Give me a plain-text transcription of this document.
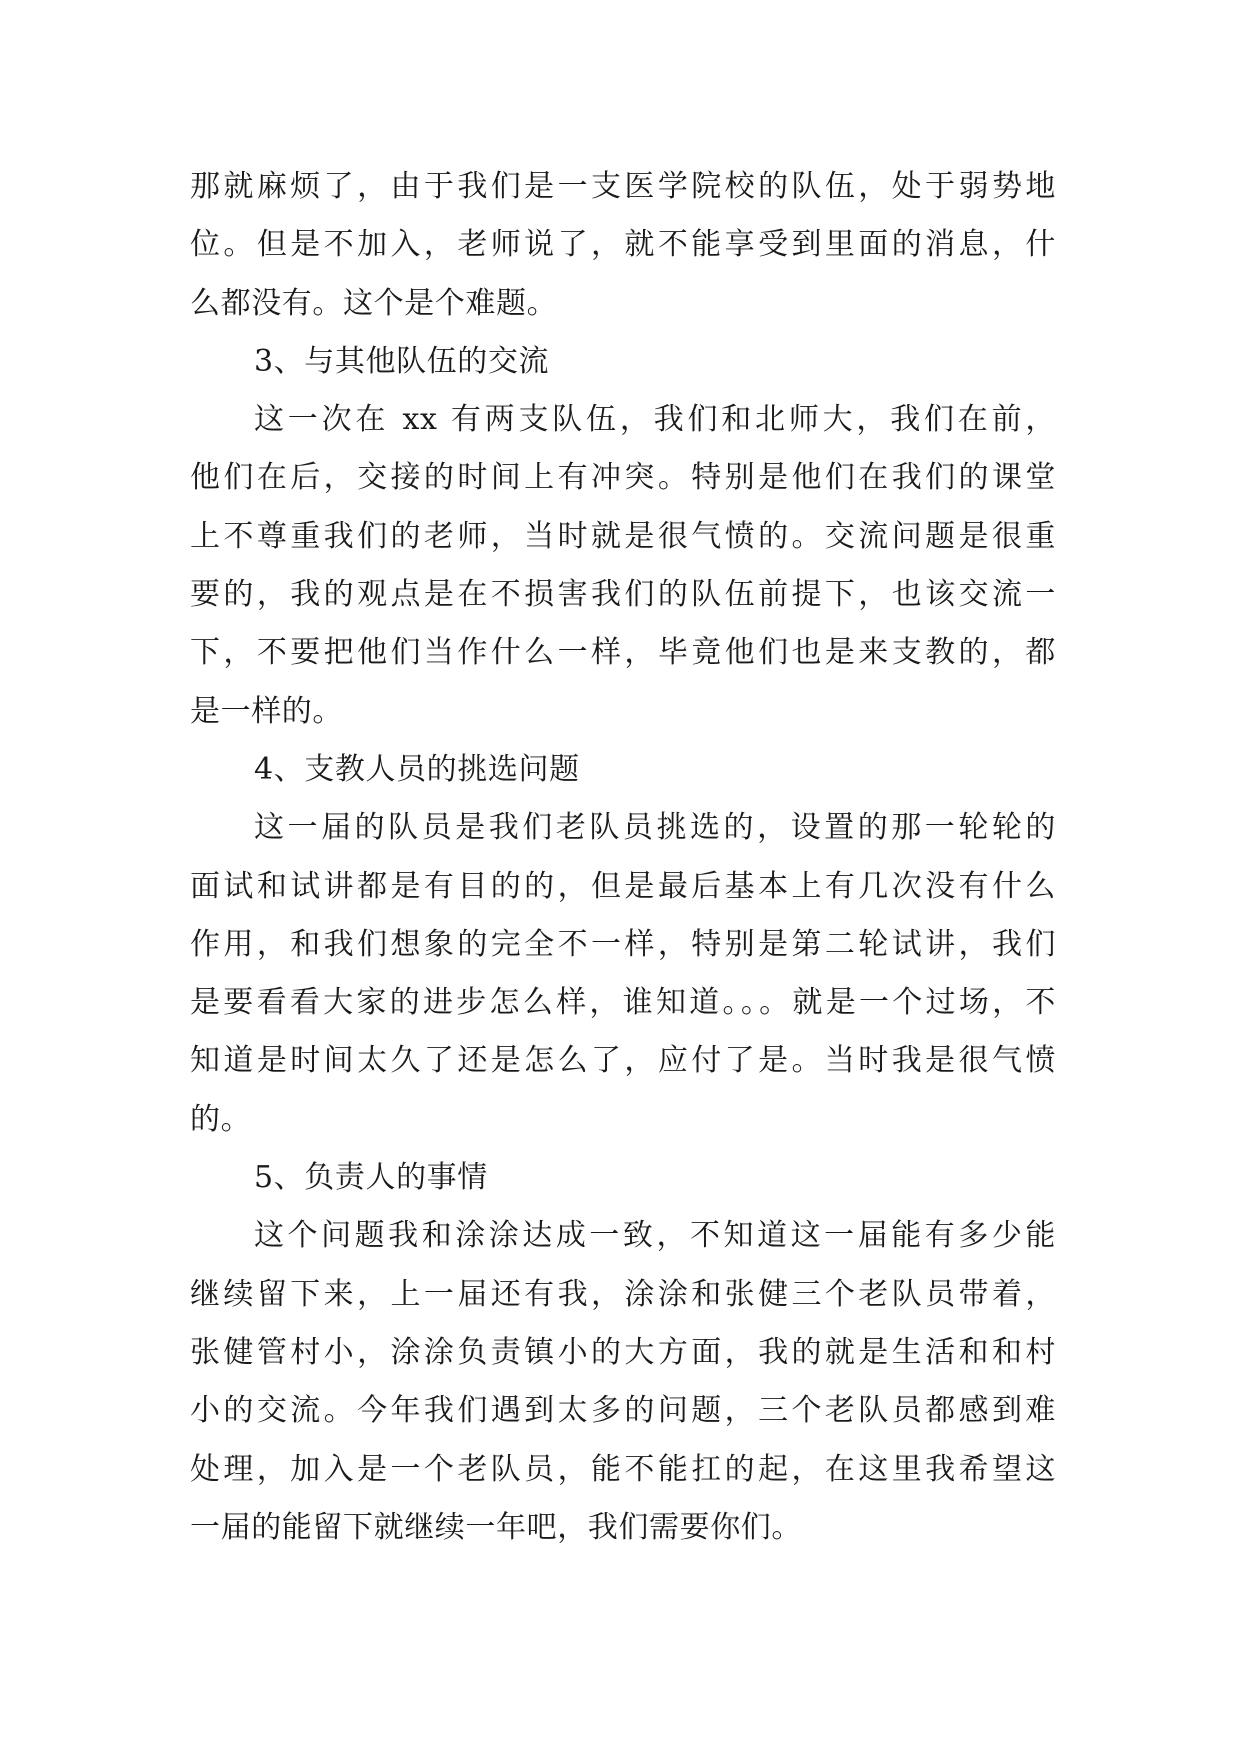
那就麻烦了，由于我们是一支医学院校的队伍，处于弱势地
位。但是不加入，老师说了，就不能享受到里面的消息，什
么都没有。这个是个难题。
3、与其他队伍的交流
这一次在 xx 有两支队伍，我们和北师大，我们在前，
他们在后，交接的时间上有冲突。特别是他们在我们的课堂
上不尊重我们的老师，当时就是很气愤的。交流问题是很重
要的，我的观点是在不损害我们的队伍前提下，也该交流一
下，不要把他们当作什么一样，毕竟他们也是来支教的，都
是一样的。
4、支教人员的挑选问题
这一届的队员是我们老队员挑选的，设置的那一轮轮的
面试和试讲都是有目的的，但是最后基本上有几次没有什么
作用，和我们想象的完全不一样，特别是第二轮试讲，我们
是要看看大家的进步怎么样，谁知道。。。就是一个过场，不
知道是时间太久了还是怎么了，应付了是。当时我是很气愤
的。
5、负责人的事情
这个问题我和涂涂达成一致，不知道这一届能有多少能
继续留下来，上一届还有我，涂涂和张健三个老队员带着，
张健管村小，涂涂负责镇小的大方面，我的就是生活和和村
小的交流。今年我们遇到太多的问题，三个老队员都感到难
处理，加入是一个老队员，能不能扛的起，在这里我希望这
一届的能留下就继续一年吧，我们需要你们。
